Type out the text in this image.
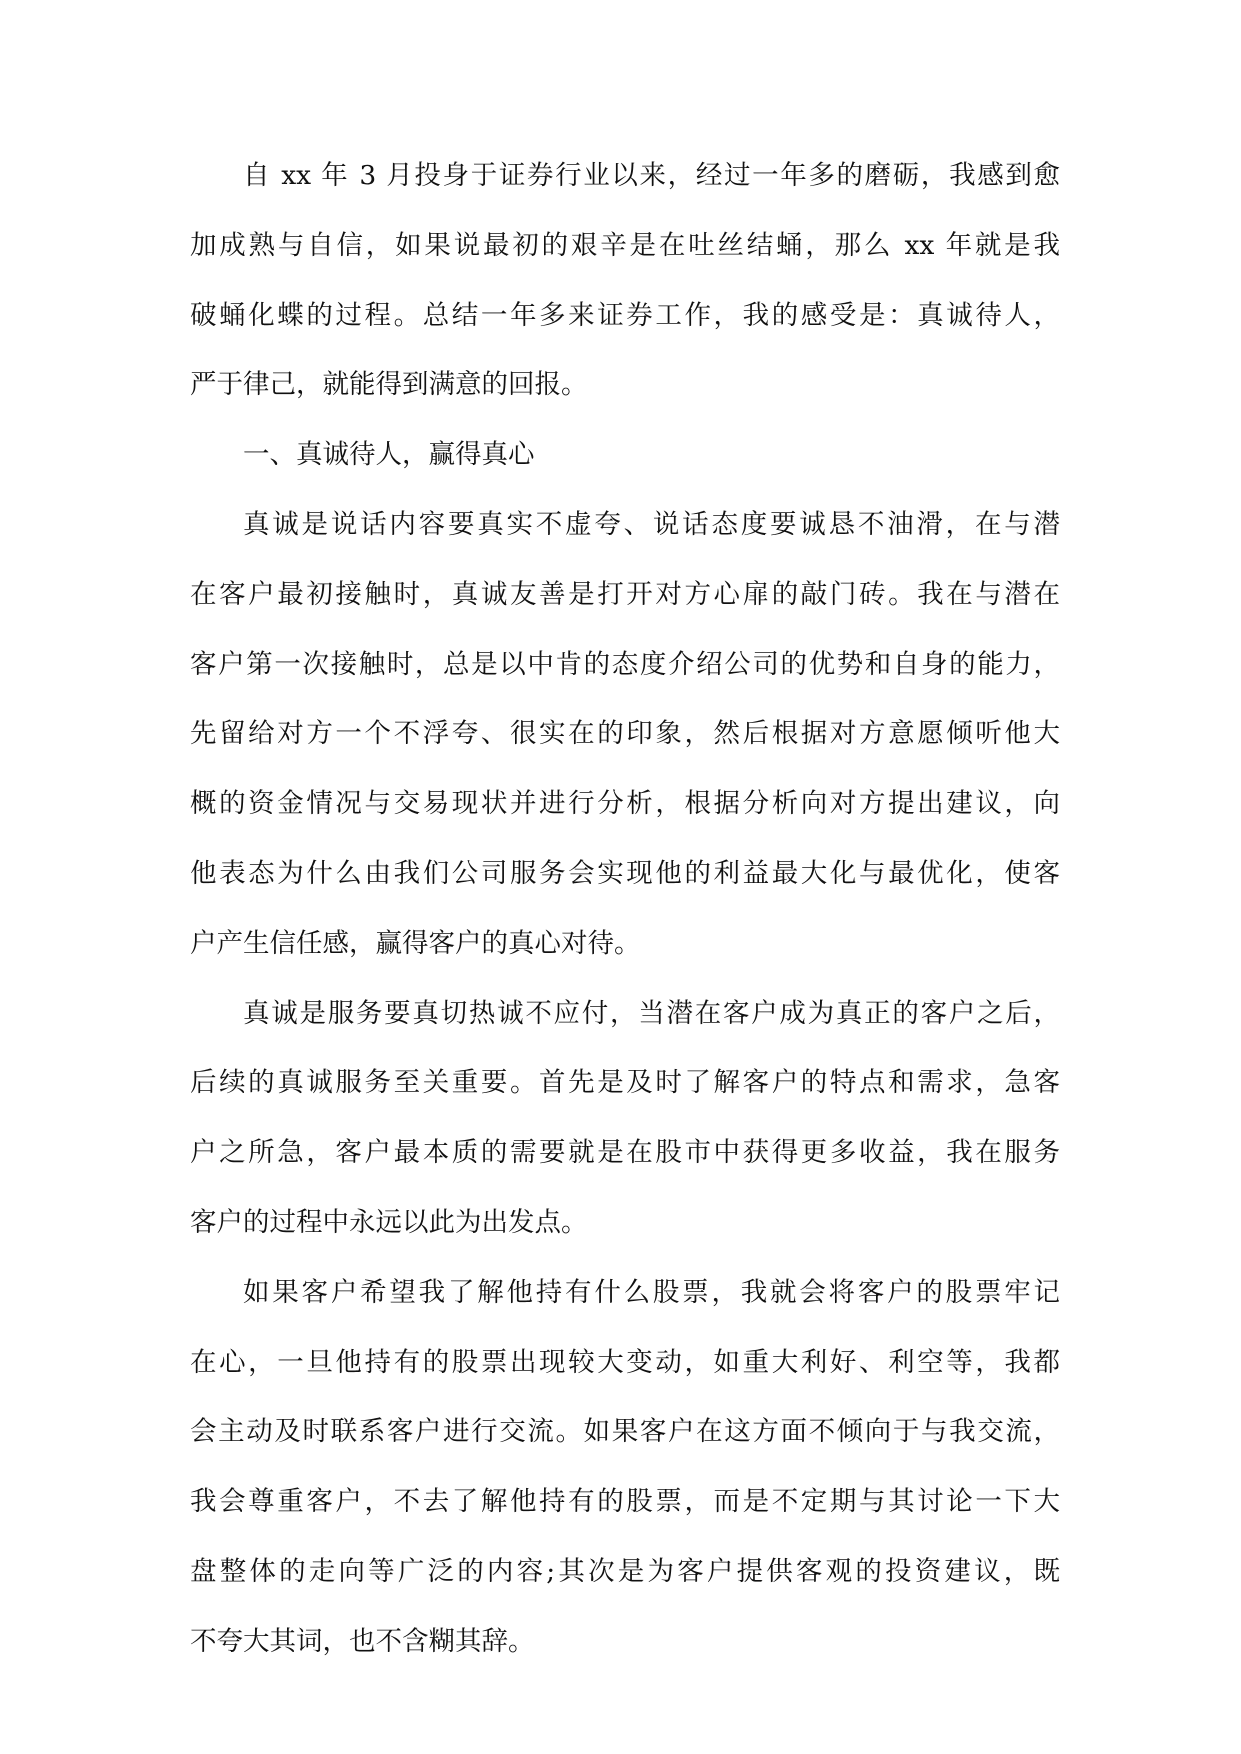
自 xx 年 3 月投身于证券行业以来，经过一年多的磨砺，我感到愈
加成熟与自信，如果说最初的艰辛是在吐丝结蛹，那么 xx 年就是我
破蛹化蝶的过程。总结一年多来证券工作，我的感受是：真诚待人，
严于律己，就能得到满意的回报。
一、真诚待人，赢得真心
真诚是说话内容要真实不虚夸、说话态度要诚恳不油滑，在与潜
在客户最初接触时，真诚友善是打开对方心扉的敲门砖。我在与潜在
客户第一次接触时，总是以中肯的态度介绍公司的优势和自身的能力，
先留给对方一个不浮夸、很实在的印象，然后根据对方意愿倾听他大
概的资金情况与交易现状并进行分析，根据分析向对方提出建议，向
他表态为什么由我们公司服务会实现他的利益最大化与最优化，使客
户产生信任感，赢得客户的真心对待。
真诚是服务要真切热诚不应付，当潜在客户成为真正的客户之后，
后续的真诚服务至关重要。首先是及时了解客户的特点和需求，急客
户之所急，客户最本质的需要就是在股市中获得更多收益，我在服务
客户的过程中永远以此为出发点。
如果客户希望我了解他持有什么股票，我就会将客户的股票牢记
在心，一旦他持有的股票出现较大变动，如重大利好、利空等，我都
会主动及时联系客户进行交流。如果客户在这方面不倾向于与我交流，
我会尊重客户，不去了解他持有的股票，而是不定期与其讨论一下大
盘整体的走向等广泛的内容;其次是为客户提供客观的投资建议，既
不夸大其词，也不含糊其辞。
